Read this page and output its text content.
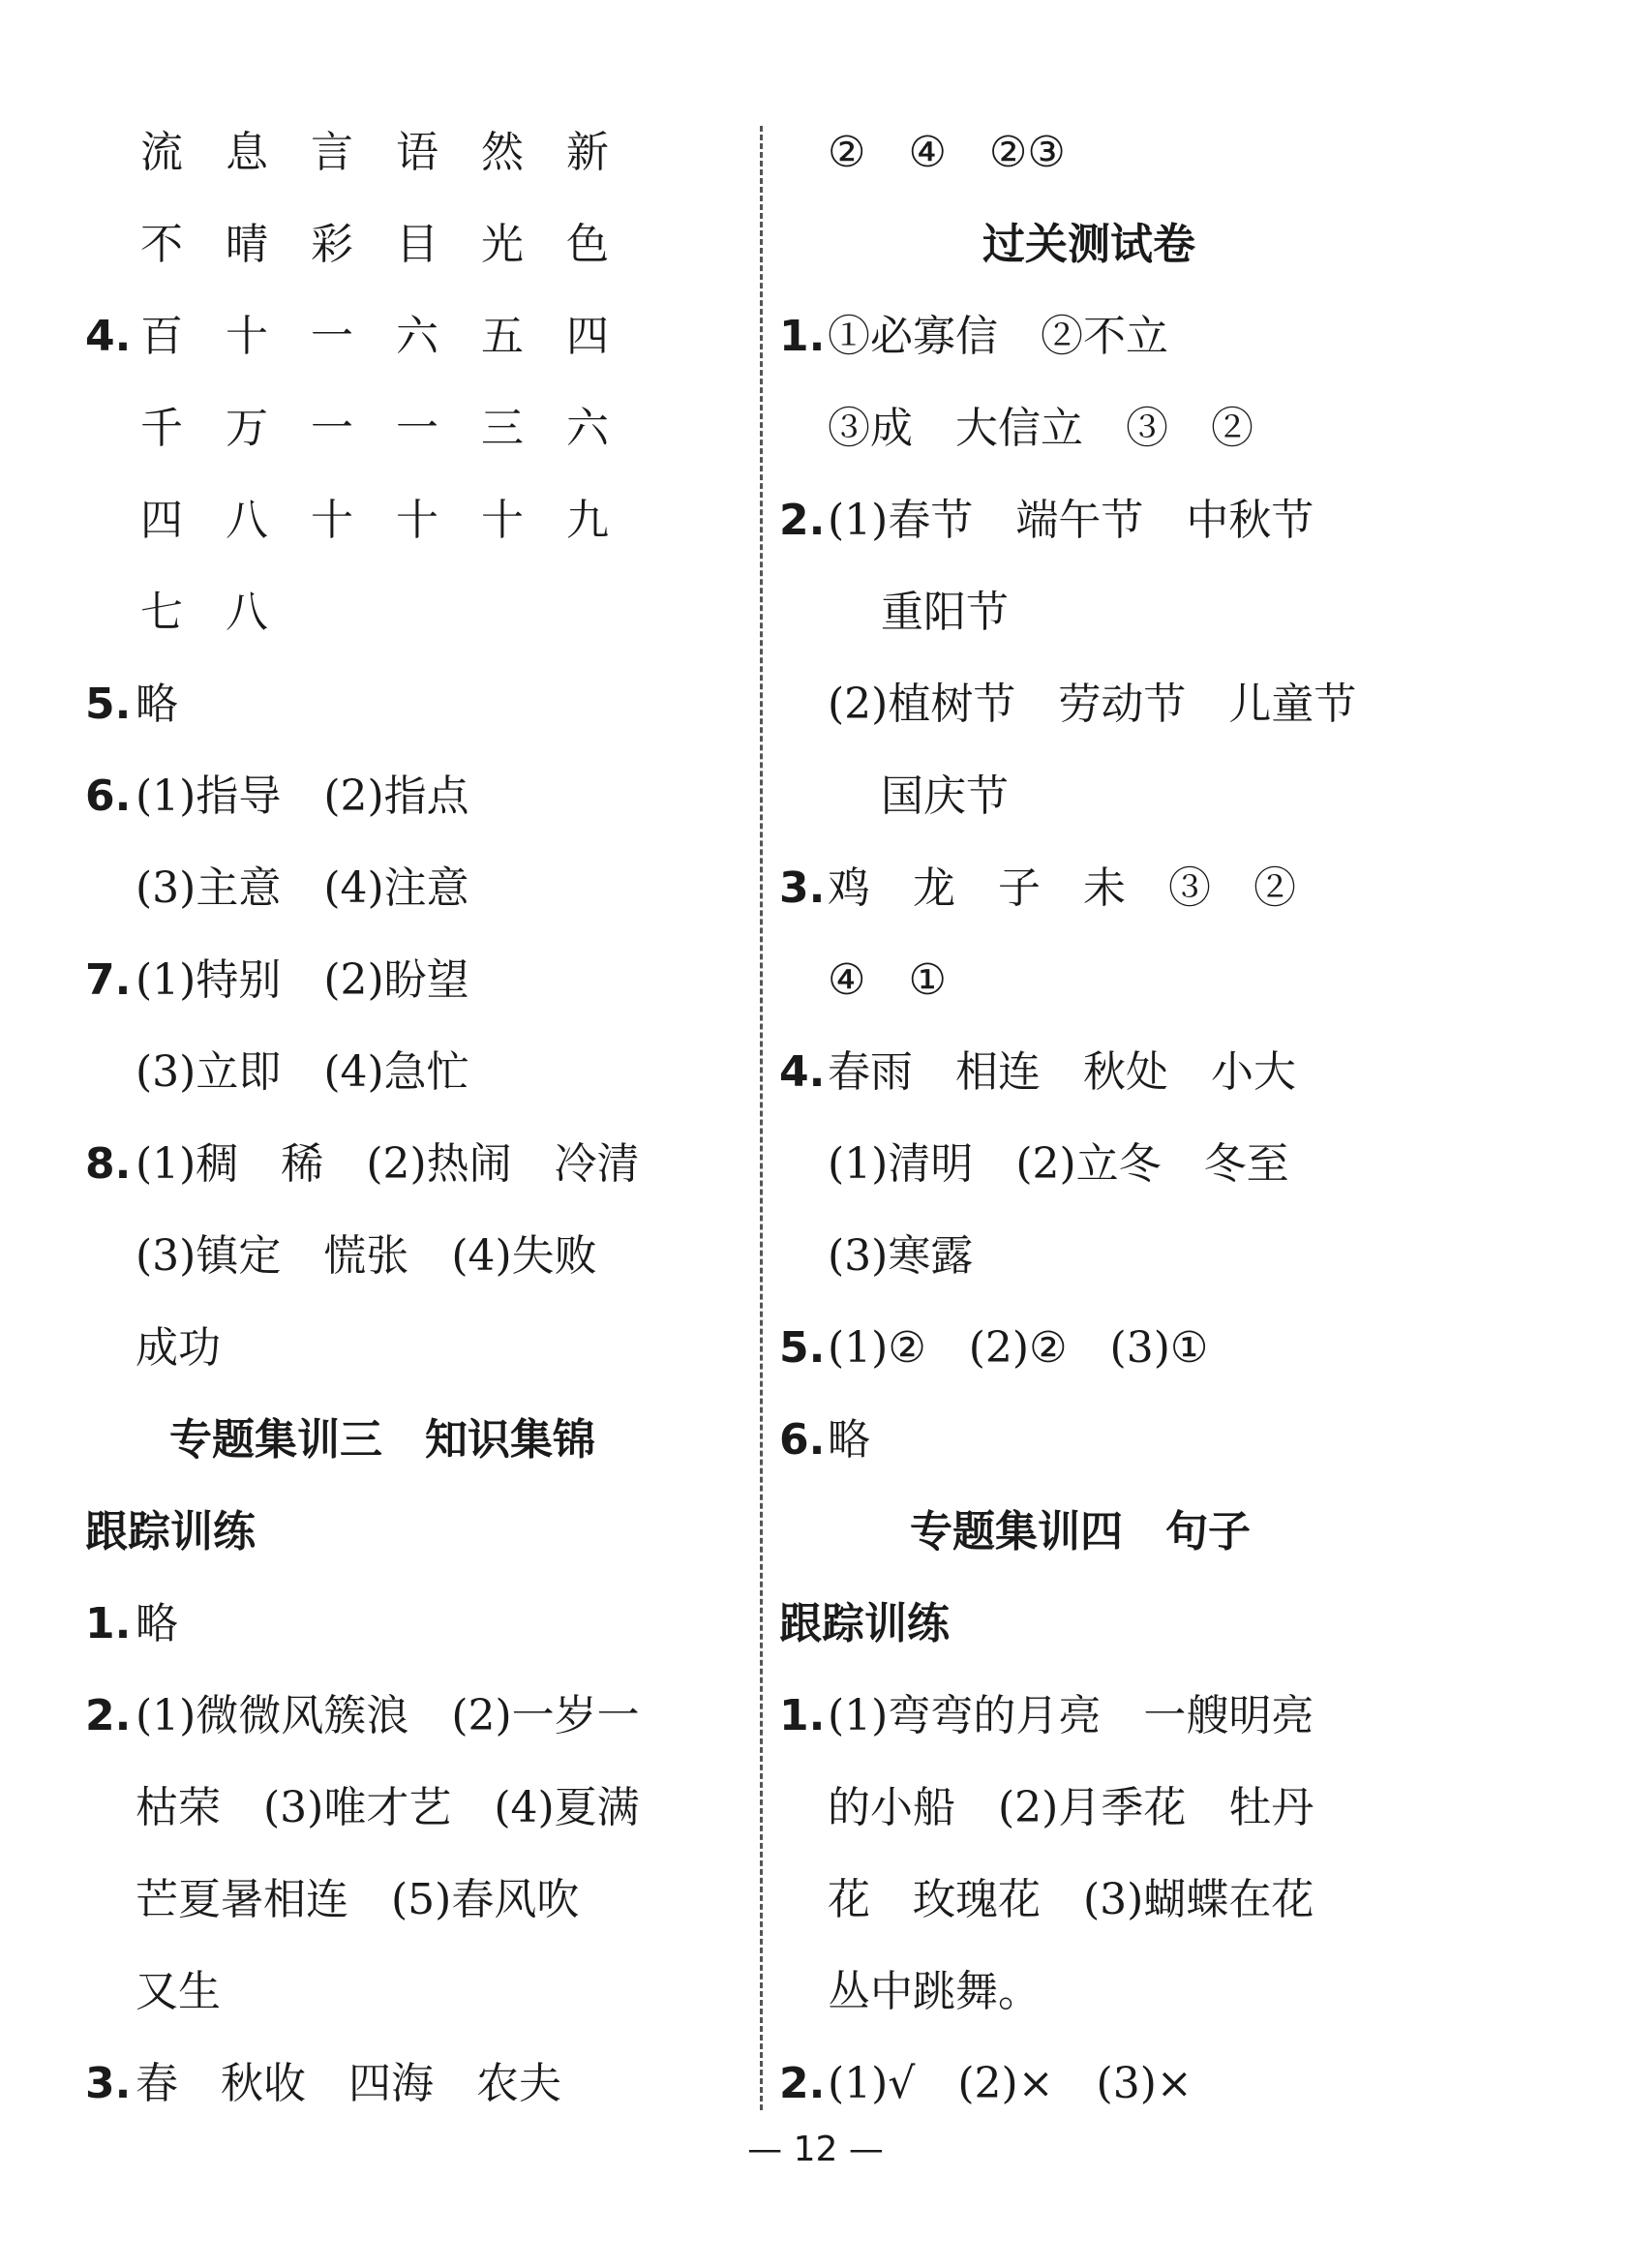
流　息　言　语　然　新
不　晴　彩　目　光　色
4. 百　十　一　六　五　四
千　万　一　一　三　六
四　八　十　十　十　九
七　八
5. 略
6. (1)指导　(2)指点
(3)主意　(4)注意
7. (1)特别　(2)盼望
(3)立即　(4)急忙
8. (1)稠　稀　(2)热闹　冷清
(3)镇定　慌张　(4)失败
成功
专题集训三　知识集锦
跟踪训练
1. 略
2. (1)微微风簇浪　(2)一岁一
枯荣　(3)唯才艺　(4)夏满
芒夏暑相连　(5)春风吹
又生
3. 春　秋收　四海　农夫
②　④　②③
过关测试卷
1. ①必寡信　②不立
③成　大信立　③　②
2. (1)春节　端午节　中秋节
重阳节
(2)植树节　劳动节　儿童节
国庆节
3. 鸡　龙　子　未　③　②
④　①
4. 春雨　相连　秋处　小大
(1)清明　(2)立冬　冬至
(3)寒露
5. (1)②　(2)②　(3)①
6. 略
专题集训四　句子
跟踪训练
1. (1)弯弯的月亮　一艘明亮
的小船　(2)月季花　牡丹
花　玫瑰花　(3)蝴蝶在花
丛中跳舞。
2. (1)√　(2)×　(3)×
— 12 —
